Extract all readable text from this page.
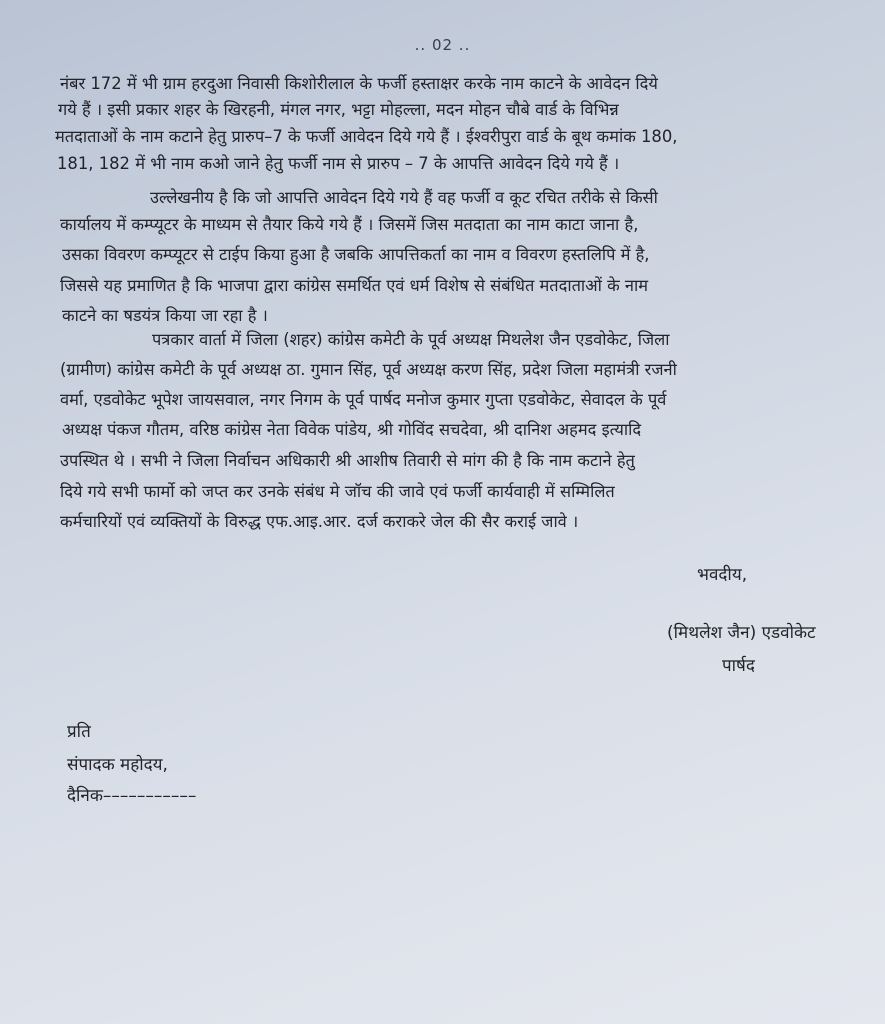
.. 02 ..
नंबर 172 में भी ग्राम हरदुआ निवासी किशोरीलाल के फर्जी हस्ताक्षर करके नाम काटने के आवेदन दिये
गये हैं । इसी प्रकार शहर के खिरहनी, मंगल नगर, भट्टा मोहल्ला, मदन मोहन चौबे वार्ड के विभिन्न
मतदाताओं के नाम कटाने हेतु प्रारुप–7 के फर्जी आवेदन दिये गये हैं । ईश्वरीपुरा वार्ड के बूथ कमांक 180,
181, 182 में भी नाम कओ जाने हेतु फर्जी नाम से प्रारुप – 7 के आपत्ति आवेदन दिये गये हैं ।
उल्लेखनीय है कि जो आपत्ति आवेदन दिये गये हैं वह फर्जी व कूट रचित तरीके से किसी
कार्यालय में कम्प्यूटर के माध्यम से तैयार किये गये हैं । जिसमें जिस मतदाता का नाम काटा जाना है,
उसका विवरण कम्प्यूटर से टाईप किया हुआ है जबकि आपत्तिकर्ता का नाम व विवरण हस्तलिपि में है,
जिससे यह प्रमाणित है कि भाजपा द्वारा कांग्रेस समर्थित एवं धर्म विशेष से संबंधित मतदाताओं के नाम
काटने का षडयंत्र किया जा रहा है ।
पत्रकार वार्ता में जिला (शहर) कांग्रेस कमेटी के पूर्व अध्यक्ष मिथलेश जैन एडवोकेट, जिला
(ग्रामीण) कांग्रेस कमेटी के पूर्व अध्यक्ष ठा. गुमान सिंह, पूर्व अध्यक्ष करण सिंह, प्रदेश जिला महामंत्री रजनी
वर्मा, एडवोकेट भूपेश जायसवाल, नगर निगम के पूर्व पार्षद मनोज कुमार गुप्ता एडवोकेट, सेवादल के पूर्व
अध्यक्ष पंकज गौतम, वरिष्ठ कांग्रेस नेता विवेक पांडेय, श्री गोविंद सचदेवा, श्री दानिश अहमद इत्यादि
उपस्थित थे । सभी ने जिला निर्वाचन अधिकारी श्री आशीष तिवारी से मांग की है कि नाम कटाने हेतु
दिये गये सभी फार्मो को जप्त कर उनके संबंध मे जॉच की जावे एवं फर्जी कार्यवाही में सम्मिलित
कर्मचारियों एवं व्यक्तियों के विरुद्ध एफ.आइ.आर. दर्ज कराकरे जेल की सैर कराई जावे ।
भवदीय,
(मिथलेश जैन) एडवोकेट
पार्षद
प्रति
संपादक महोदय,
दैनिक–––––––––––
